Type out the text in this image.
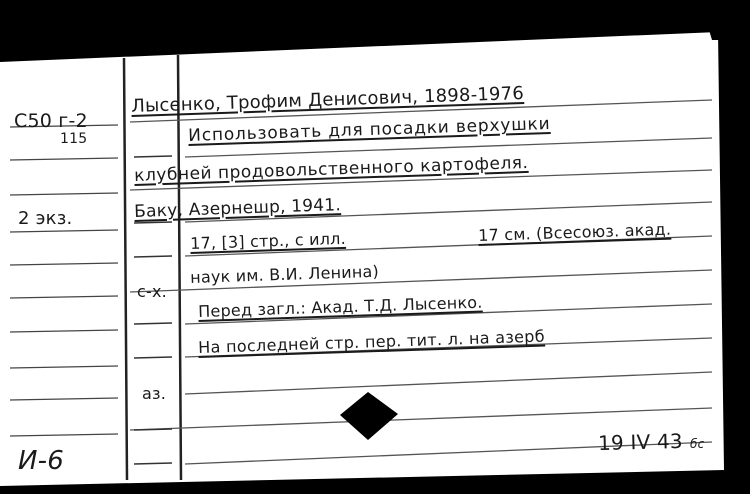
С50 г-2
115
2 экз.
И-6
с-х.
аз.
Лысенко, Трофим Денисович, 1898-1976
Использовать для посадки верхушки
клубней продовольственного картофеля.
Баку, Азернешр, 1941.
17, [3] стр., с илл.	17 см. (Всесоюз. акад.
наук им. В.И. Ленина)
Перед загл.: Акад. Т.Д. Лысенко.
На последней стр. пер. тит. л. на азерб
19 IV 43 бс
